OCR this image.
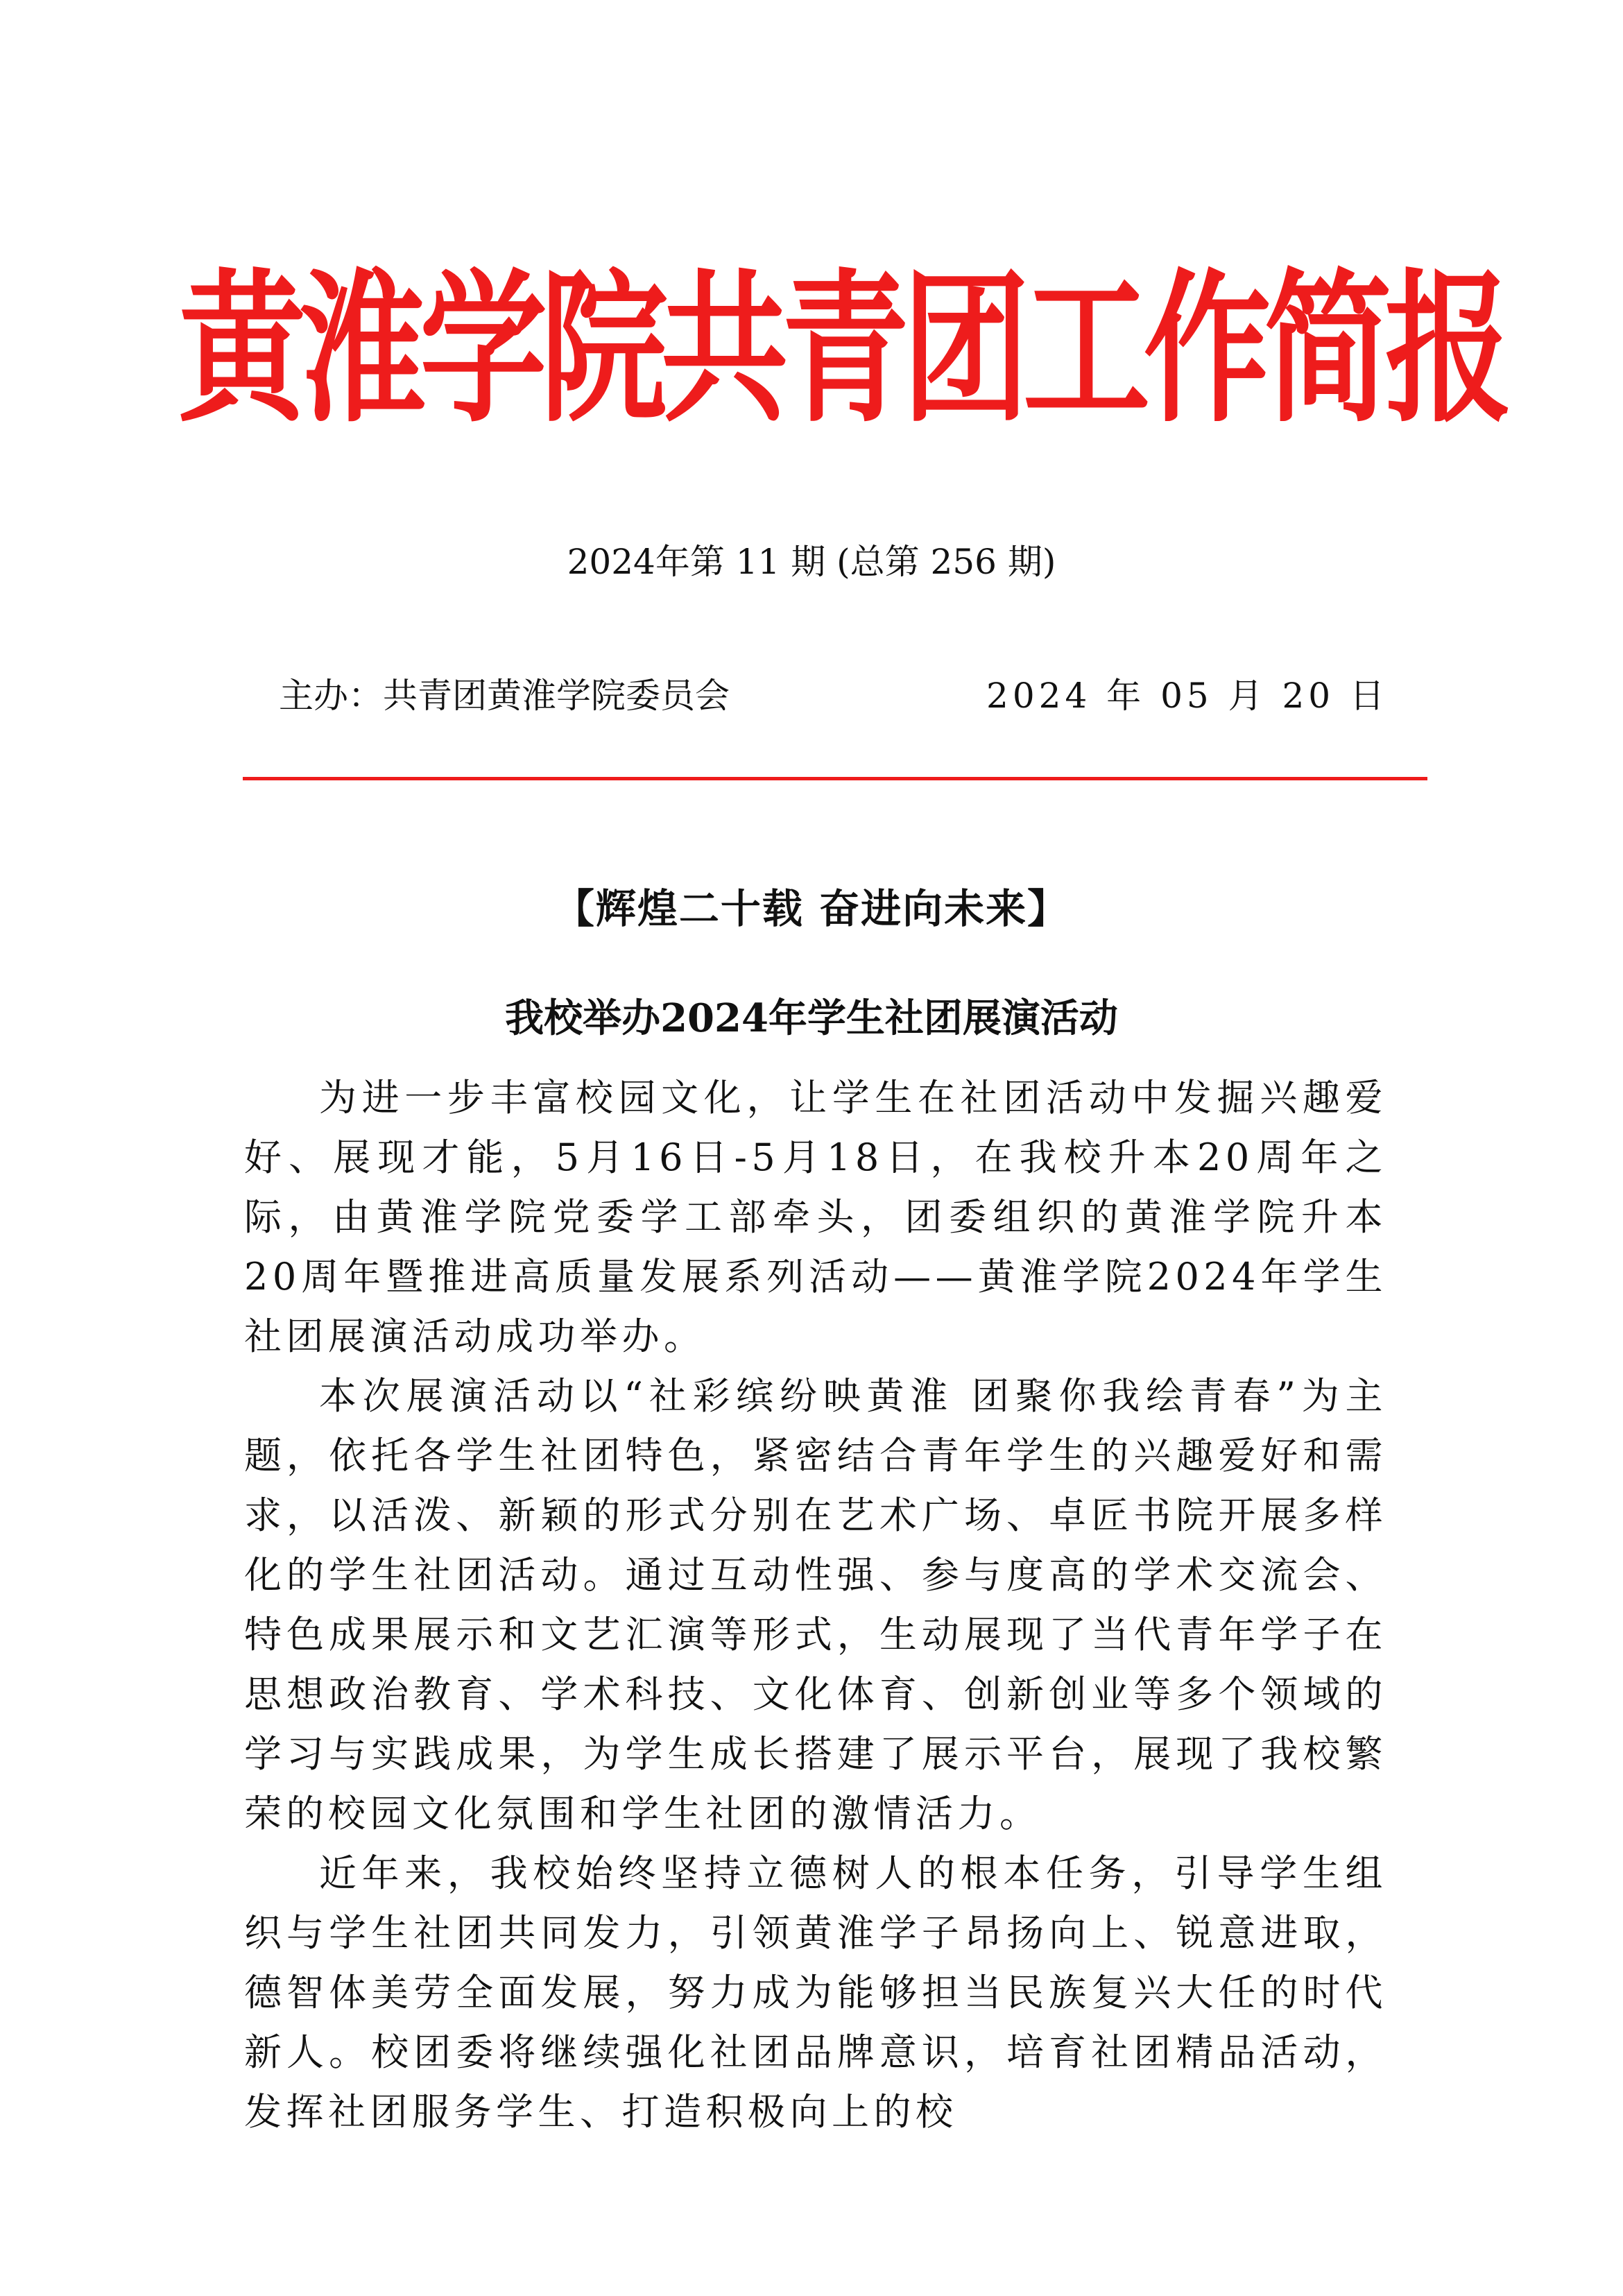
黄淮学院共青团工作简报
2024年第 11 期 (总第 256 期)
主办：共青团黄淮学院委员会	2024 年 05 月 20 日
【辉煌二十载 奋进向未来】
我校举办2024年学生社团展演活动

为进一步丰富校园文化，让学生在社团活动中发掘兴趣爱好、展现才能，5月16日-5月18日，在我校升本20周年之际，由黄淮学院党委学工部牵头，团委组织的黄淮学院升本20周年暨推进高质量发展系列活动——黄淮学院2024年学生社团展演活动成功举办。

本次展演活动以“社彩缤纷映黄淮 团聚你我绘青春”为主题，依托各学生社团特色，紧密结合青年学生的兴趣爱好和需求，以活泼、新颖的形式分别在艺术广场、卓匠书院开展多样化的学生社团活动。通过互动性强、参与度高的学术交流会、特色成果展示和文艺汇演等形式，生动展现了当代青年学子在思想政治教育、学术科技、文化体育、创新创业等多个领域的学习与实践成果，为学生成长搭建了展示平台，展现了我校繁荣的校园文化氛围和学生社团的激情活力。

近年来，我校始终坚持立德树人的根本任务，引导学生组织与学生社团共同发力，引领黄淮学子昂扬向上、锐意进取，德智体美劳全面发展，努力成为能够担当民族复兴大任的时代新人。校团委将继续强化社团品牌意识，培育社团精品活动，发挥社团服务学生、打造积极向上的校
